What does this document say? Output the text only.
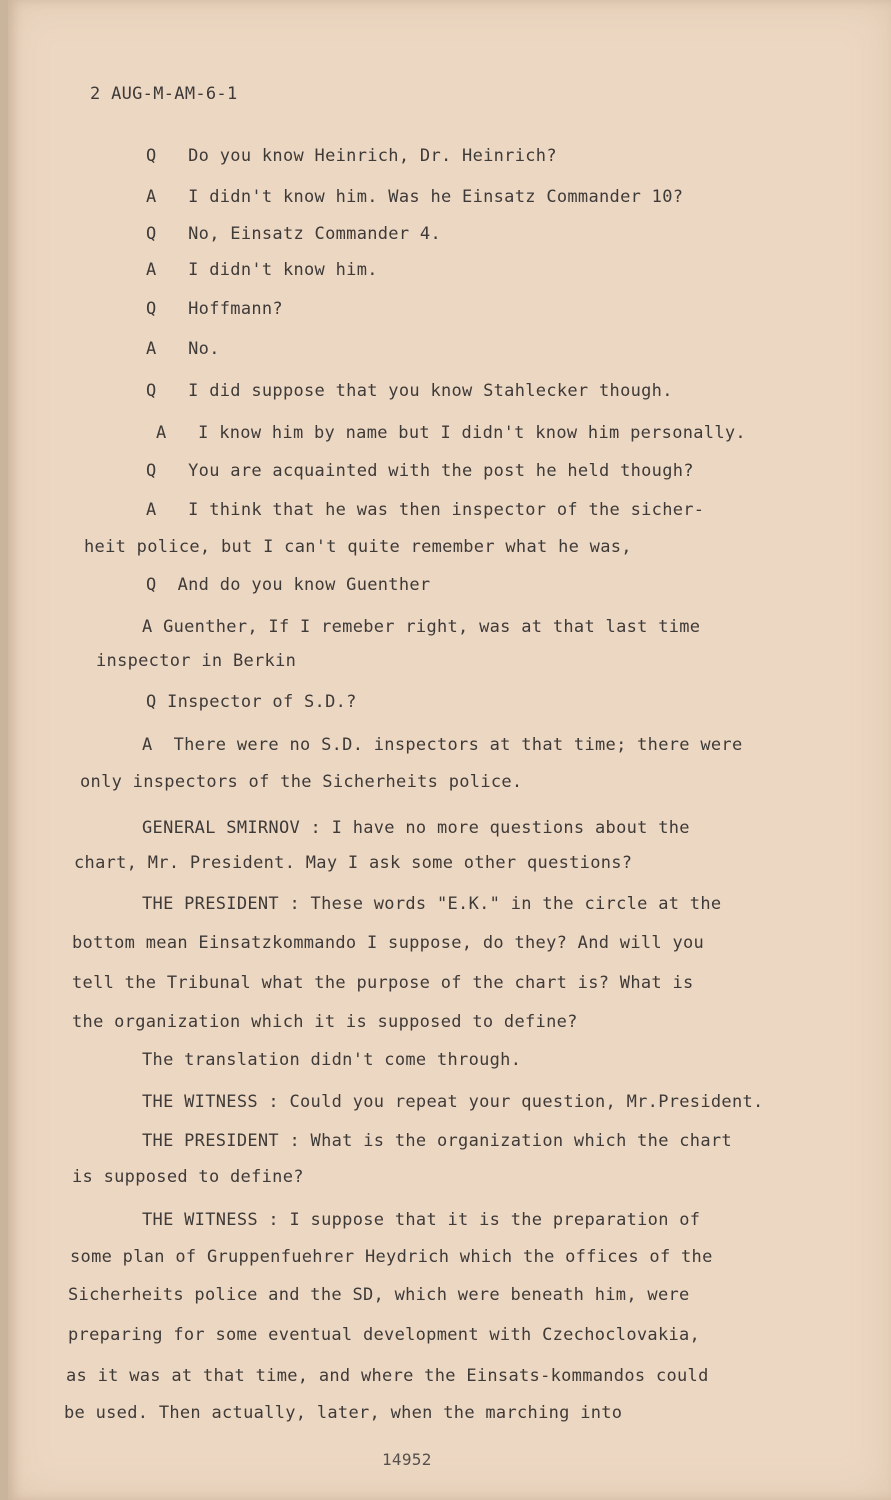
2 AUG-M-AM-6-1
Q   Do you know Heinrich, Dr. Heinrich?
A   I didn't know him. Was he Einsatz Commander 10?
Q   No, Einsatz Commander 4.
A   I didn't know him.
Q   Hoffmann?
A   No.
Q   I did suppose that you know Stahlecker though.
A   I know him by name but I didn't know him personally.
Q   You are acquainted with the post he held though?
A   I think that he was then inspector of the sicher-
heit police, but I can't quite remember what he was,
Q  And do you know Guenther
A Guenther, If I remeber right, was at that last time
inspector in Berkin
Q Inspector of S.D.?
A  There were no S.D. inspectors at that time; there were
only inspectors of the Sicherheits police.
GENERAL SMIRNOV : I have no more questions about the
chart, Mr. President. May I ask some other questions?
THE PRESIDENT : These words "E.K." in the circle at the
bottom mean Einsatzkommando I suppose, do they? And will you
tell the Tribunal what the purpose of the chart is? What is
the organization which it is supposed to define?
The translation didn't come through.
THE WITNESS : Could you repeat your question, Mr.President.
THE PRESIDENT : What is the organization which the chart
is supposed to define?
THE WITNESS : I suppose that it is the preparation of
some plan of Gruppenfuehrer Heydrich which the offices of the
Sicherheits police and the SD, which were beneath him, were
preparing for some eventual development with Czechoclovakia,
as it was at that time, and where the Einsats-kommandos could
be used. Then actually, later, when the marching into
14952
